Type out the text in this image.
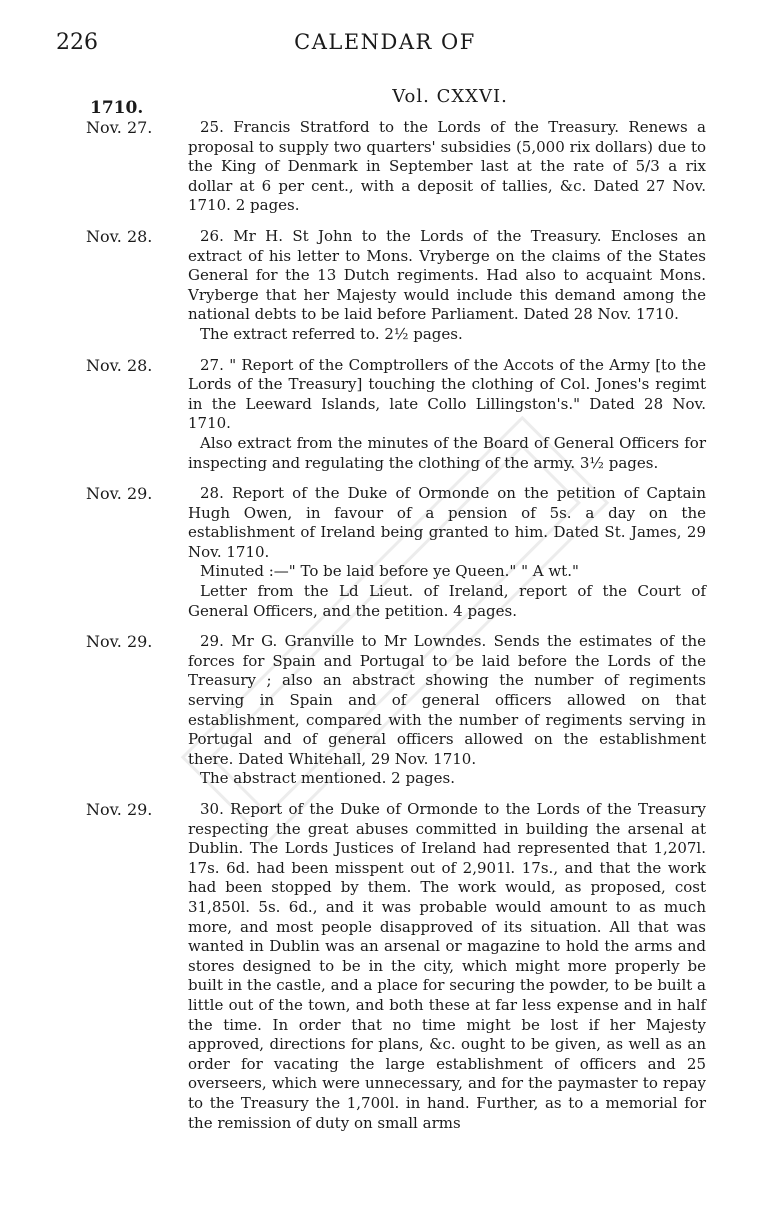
226	CALENDAR OF
Vol. CXXVI.
1710.
Nov. 27.	25. Francis Stratford to the Lords of the Treasury. Renews a proposal to supply two quarters' subsidies (5,000 rix dollars) due to the King of Denmark in September last at the rate of 5/3 a rix dollar at 6 per cent., with a deposit of tallies, &c. Dated 27 Nov. 1710. 2 pages.

Nov. 28.	26. Mr H. St John to the Lords of the Treasury. Encloses an extract of his letter to Mons. Vryberge on the claims of the States General for the 13 Dutch regiments. Had also to acquaint Mons. Vryberge that her Majesty would include this demand among the national debts to be laid before Parliament. Dated 28 Nov. 1710.

The extract referred to. 2½ pages.

Nov. 28.	27. " Report of the Comptrollers of the Accots of the Army [to the Lords of the Treasury] touching the clothing of Col. Jones's regimt in the Leeward Islands, late Collo Lillingston's." Dated 28 Nov. 1710.

Also extract from the minutes of the Board of General Officers for inspecting and regulating the clothing of the army. 3½ pages.

Nov. 29.	28. Report of the Duke of Ormonde on the petition of Captain Hugh Owen, in favour of a pension of 5s. a day on the establishment of Ireland being granted to him. Dated St. James, 29 Nov. 1710.

Minuted :—" To be laid before ye Queen." " A wt."

Letter from the Ld Lieut. of Ireland, report of the Court of General Officers, and the petition. 4 pages.

Nov. 29.	29. Mr G. Granville to Mr Lowndes. Sends the estimates of the forces for Spain and Portugal to be laid before the Lords of the Treasury ; also an abstract showing the number of regiments serving in Spain and of general officers allowed on that establishment, compared with the number of regiments serving in Portugal and of general officers allowed on the establishment there. Dated Whitehall, 29 Nov. 1710.

The abstract mentioned. 2 pages.

Nov. 29.	30. Report of the Duke of Ormonde to the Lords of the Treasury respecting the great abuses committed in building the arsenal at Dublin. The Lords Justices of Ireland had represented that 1,207l. 17s. 6d. had been misspent out of 2,901l. 17s., and that the work had been stopped by them. The work would, as proposed, cost 31,850l. 5s. 6d., and it was probable would amount to as much more, and most people disapproved of its situation. All that was wanted in Dublin was an arsenal or magazine to hold the arms and stores designed to be in the city, which might more properly be built in the castle, and a place for securing the powder, to be built a little out of the town, and both these at far less expense and in half the time. In order that no time might be lost if her Majesty approved, directions for plans, &c. ought to be given, as well as an order for vacating the large establishment of officers and 25 overseers, which were unnecessary, and for the paymaster to repay to the Treasury the 1,700l. in hand. Further, as to a memorial for the remission of duty on small arms
